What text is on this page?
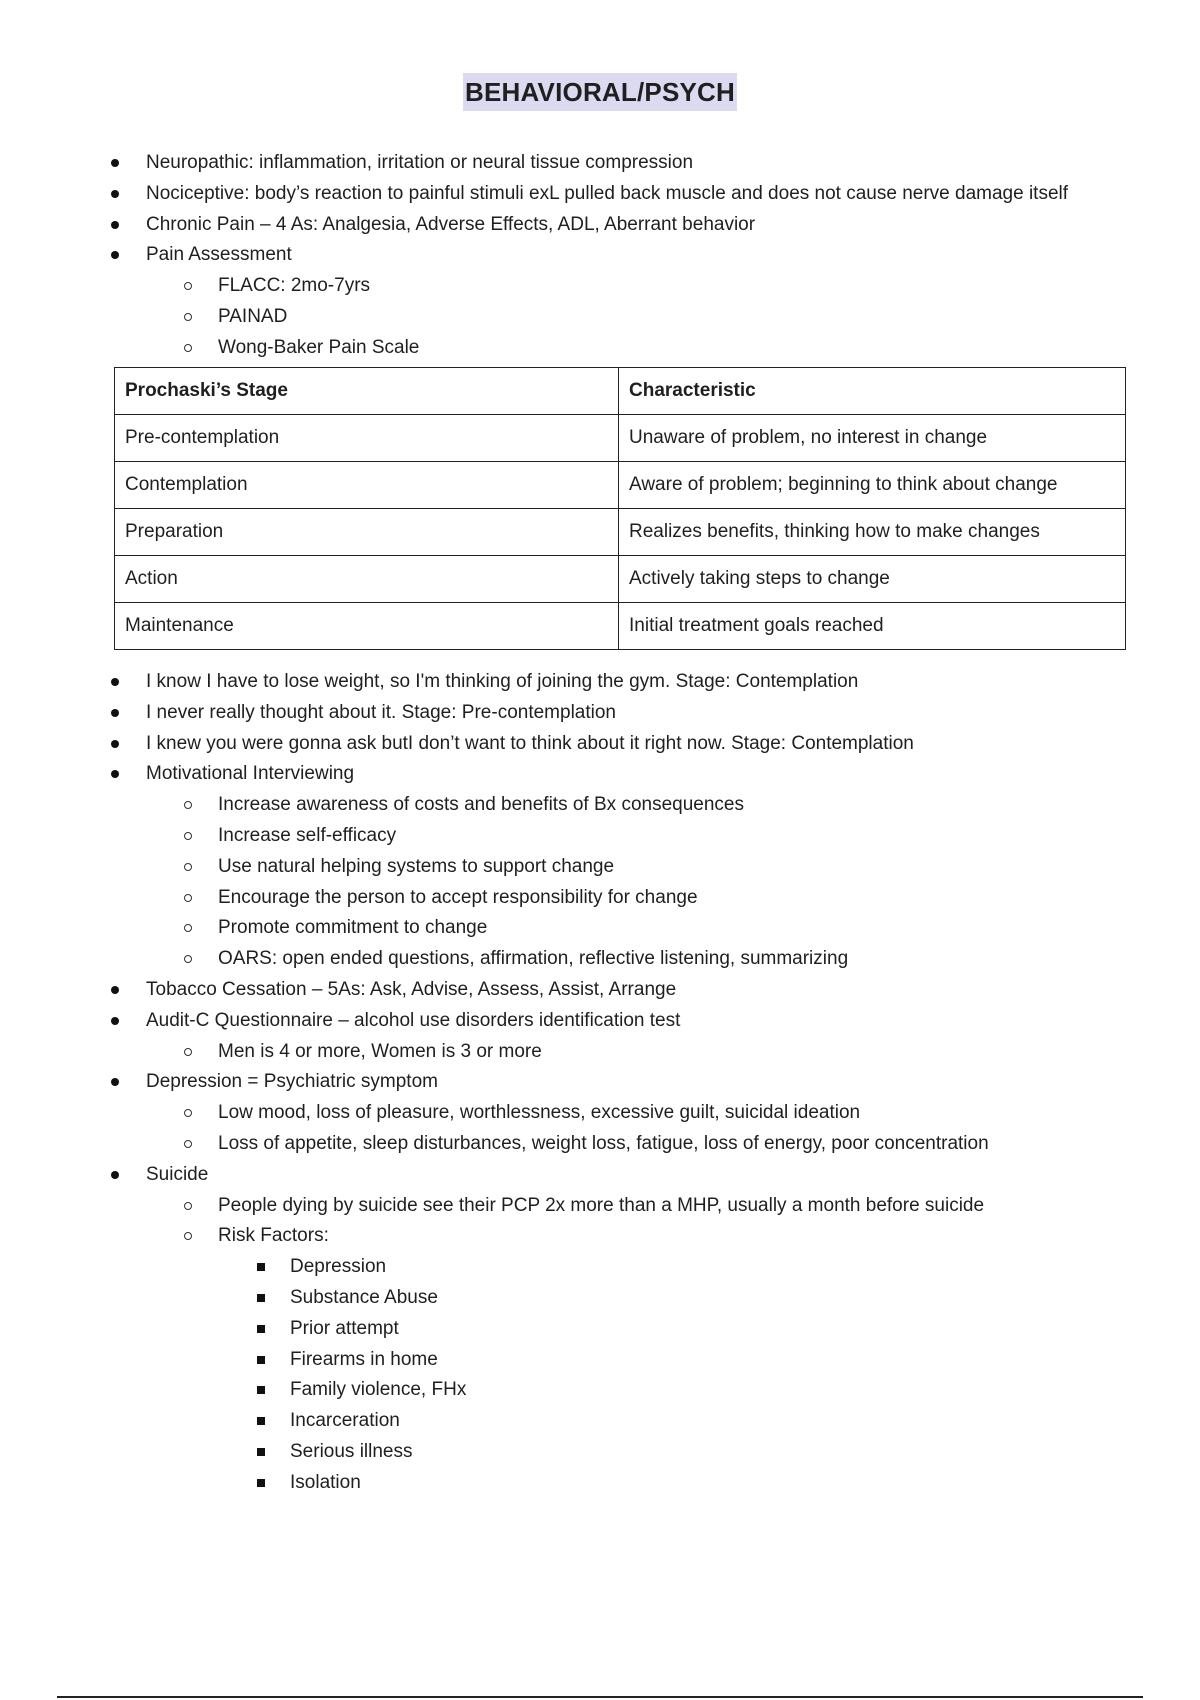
BEHAVIORAL/PSYCH
Neuropathic: inflammation, irritation or neural tissue compression
Nociceptive: body’s reaction to painful stimuli exL pulled back muscle and does not cause nerve damage itself
Chronic Pain – 4 As: Analgesia, Adverse Effects, ADL, Aberrant behavior
Pain Assessment
FLACC: 2mo-7yrs
PAINAD
Wong-Baker Pain Scale
Prochaski’s Stage	Characteristic
Pre-contemplation	Unaware of problem, no interest in change
Contemplation	Aware of problem; beginning to think about change
Preparation	Realizes benefits, thinking how to make changes
Action	Actively taking steps to change
Maintenance	Initial treatment goals reached
I know I have to lose weight, so I'm thinking of joining the gym. Stage: Contemplation
I never really thought about it. Stage: Pre-contemplation
I knew you were gonna ask butI don’t want to think about it right now. Stage: Contemplation
Motivational Interviewing
Increase awareness of costs and benefits of Bx consequences
Increase self-efficacy
Use natural helping systems to support change
Encourage the person to accept responsibility for change
Promote commitment to change
OARS: open ended questions, affirmation, reflective listening, summarizing
Tobacco Cessation – 5As: Ask, Advise, Assess, Assist, Arrange
Audit-C Questionnaire – alcohol use disorders identification test
Men is 4 or more, Women is 3 or more
Depression = Psychiatric symptom
Low mood, loss of pleasure, worthlessness, excessive guilt, suicidal ideation
Loss of appetite, sleep disturbances, weight loss, fatigue, loss of energy, poor concentration
Suicide
People dying by suicide see their PCP 2x more than a MHP, usually a month before suicide
Risk Factors:
Depression
Substance Abuse
Prior attempt
Firearms in home
Family violence, FHx
Incarceration
Serious illness
Isolation
